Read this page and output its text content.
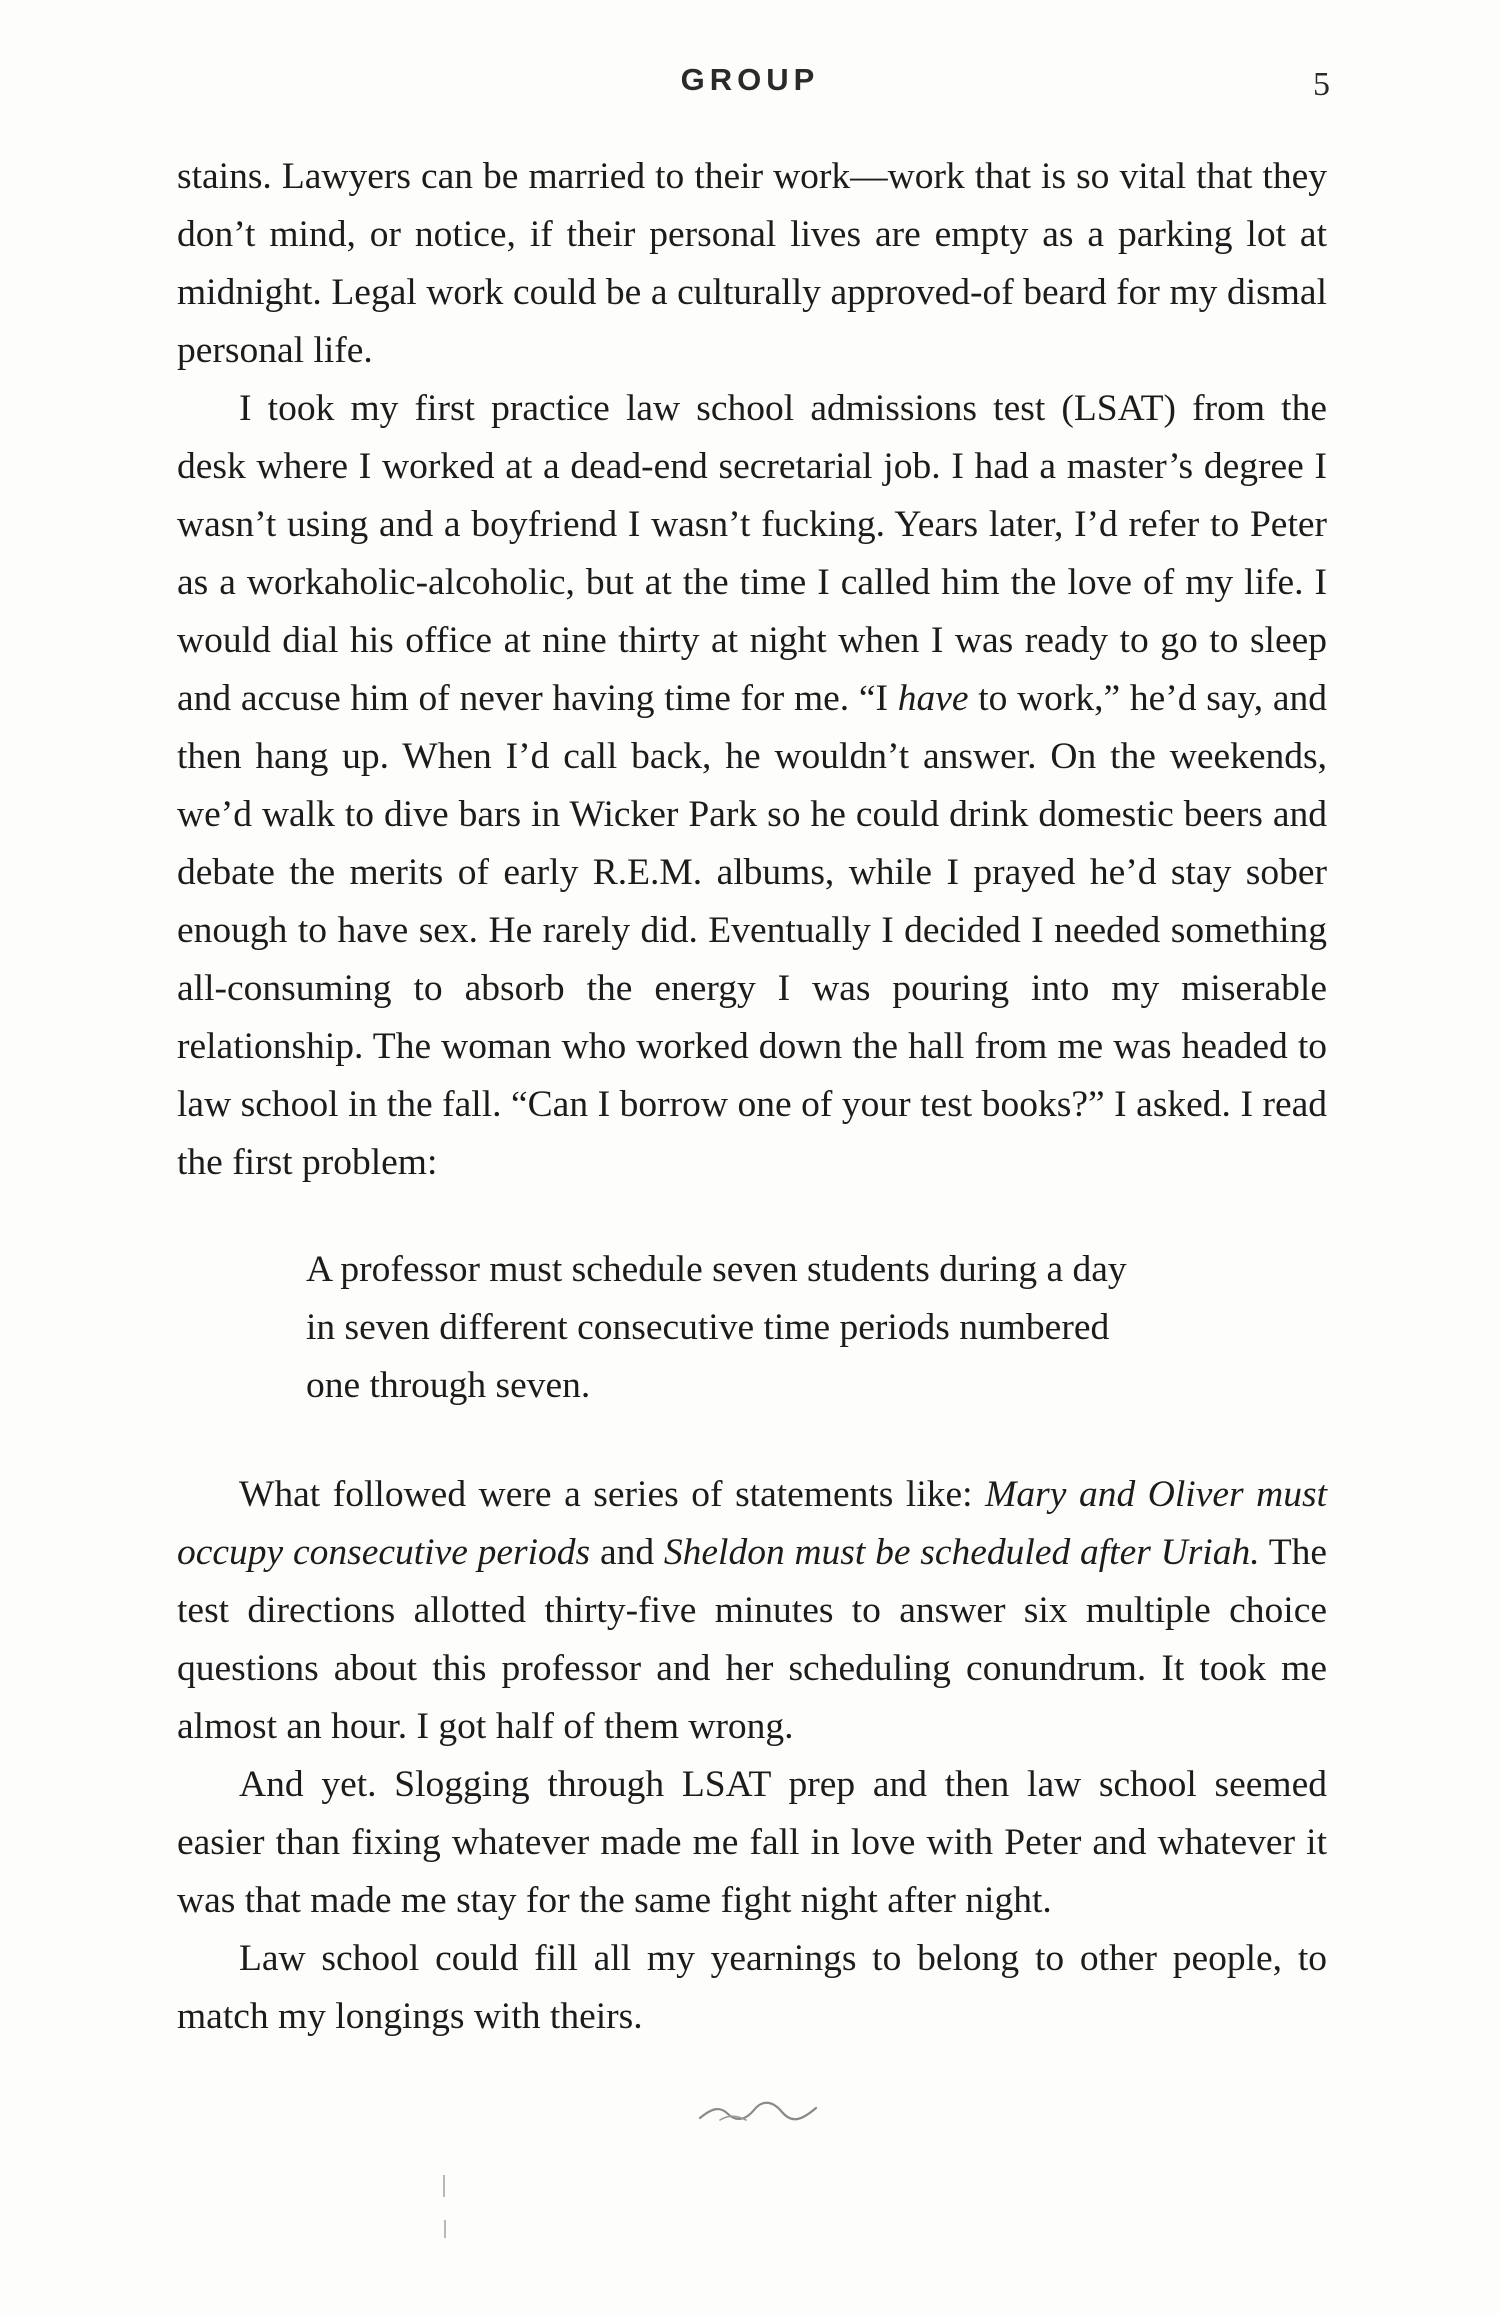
GROUP	5

stains. Lawyers can be married to their work—work that is so vital that they don’t mind, or notice, if their personal lives are empty as a parking lot at midnight. Legal work could be a culturally approved-of beard for my dismal personal life.

I took my first practice law school admissions test (LSAT) from the desk where I worked at a dead-end secretarial job. I had a master’s degree I wasn’t using and a boyfriend I wasn’t fucking. Years later, I’d refer to Peter as a workaholic-alcoholic, but at the time I called him the love of my life. I would dial his office at nine thirty at night when I was ready to go to sleep and accuse him of never having time for me. “I have to work,” he’d say, and then hang up. When I’d call back, he wouldn’t answer. On the weekends, we’d walk to dive bars in Wicker Park so he could drink domestic beers and debate the merits of early R.E.M. albums, while I prayed he’d stay sober enough to have sex. He rarely did. Eventually I decided I needed something all-consuming to absorb the energy I was pouring into my miserable relationship. The woman who worked down the hall from me was headed to law school in the fall. “Can I borrow one of your test books?” I asked. I read the first problem:

A professor must schedule seven students during a day
in seven different consecutive time periods numbered
one through seven.

What followed were a series of statements like: Mary and Oliver must occupy consecutive periods and Sheldon must be scheduled after Uriah. The test directions allotted thirty-five minutes to answer six multiple choice questions about this professor and her scheduling conundrum. It took me almost an hour. I got half of them wrong.

And yet. Slogging through LSAT prep and then law school seemed easier than fixing whatever made me fall in love with Peter and whatever it was that made me stay for the same fight night after night.

Law school could fill all my yearnings to belong to other people, to match my longings with theirs.
